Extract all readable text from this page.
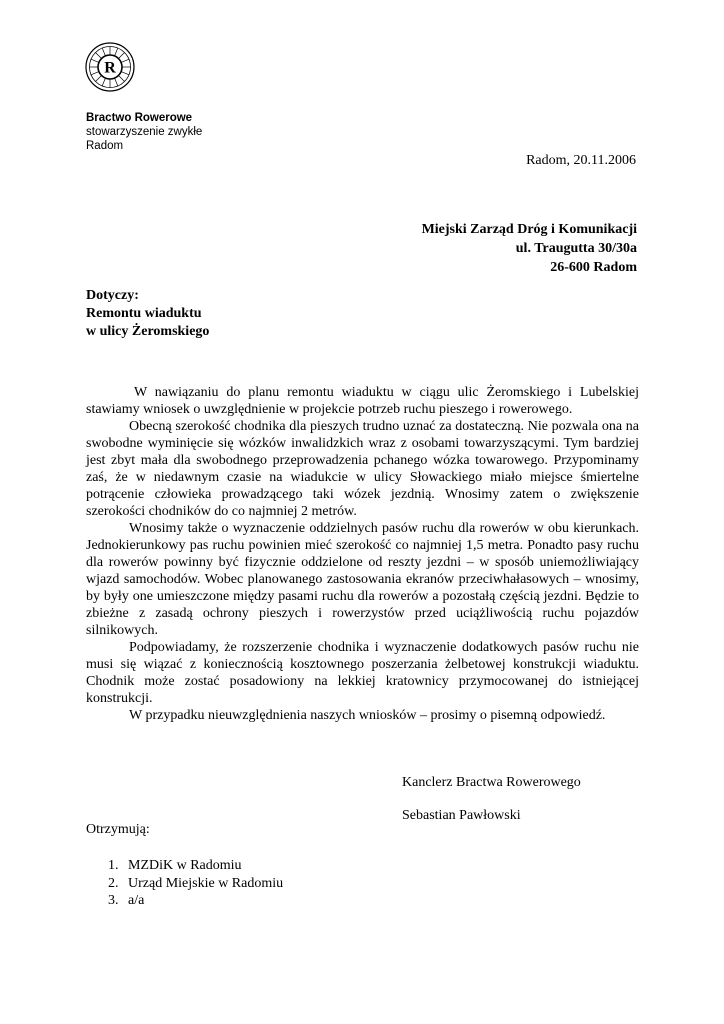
R
Bractwo Rowerowe
stowarzyszenie zwykłe
Radom
Radom, 20.11.2006
Miejski Zarząd Dróg i Komunikacji
ul. Traugutta 30/30a
26-600 Radom
Dotyczy:
Remontu wiaduktu
w ulicy Żeromskiego

W nawiązaniu do planu remontu wiaduktu w ciągu ulic Żeromskiego i Lubelskiej stawiamy wniosek o uwzględnienie w projekcie potrzeb ruchu pieszego i rowerowego.

Obecną szerokość chodnika dla pieszych trudno uznać za dostateczną. Nie pozwala ona na swobodne wyminięcie się wózków inwalidzkich wraz z osobami towarzyszącymi. Tym bardziej jest zbyt mała dla swobodnego przeprowadzenia pchanego wózka towarowego. Przypominamy zaś, że w niedawnym czasie na wiadukcie w ulicy Słowackiego miało miejsce śmiertelne potrącenie człowieka prowadzącego taki wózek jezdnią. Wnosimy zatem o zwiększenie szerokości chodników do co najmniej 2 metrów.

Wnosimy także o wyznaczenie oddzielnych pasów ruchu dla rowerów w obu kierunkach. Jednokierunkowy pas ruchu powinien mieć szerokość co najmniej 1,5 metra. Ponadto pasy ruchu dla rowerów powinny być fizycznie oddzielone od reszty jezdni – w sposób uniemożliwiający wjazd samochodów. Wobec planowanego zastosowania ekranów przeciwhałasowych – wnosimy, by były one umieszczone między pasami ruchu dla rowerów a pozostałą częścią jezdni. Będzie to zbieżne z zasadą ochrony pieszych i rowerzystów przed uciążliwością ruchu pojazdów silnikowych.

Podpowiadamy, że rozszerzenie chodnika i wyznaczenie dodatkowych pasów ruchu nie musi się wiązać z koniecznością kosztownego poszerzania żelbetowej konstrukcji wiaduktu. Chodnik może zostać posadowiony na lekkiej kratownicy przymocowanej do istniejącej konstrukcji.

W przypadku nieuwzględnienia naszych wniosków – prosimy o pisemną odpowiedź.

Kanclerz Bractwa Rowerowego
Sebastian Pawłowski
Otrzymują:
1. MZDiK w Radomiu
2. Urząd Miejskie w Radomiu
3. a/a
